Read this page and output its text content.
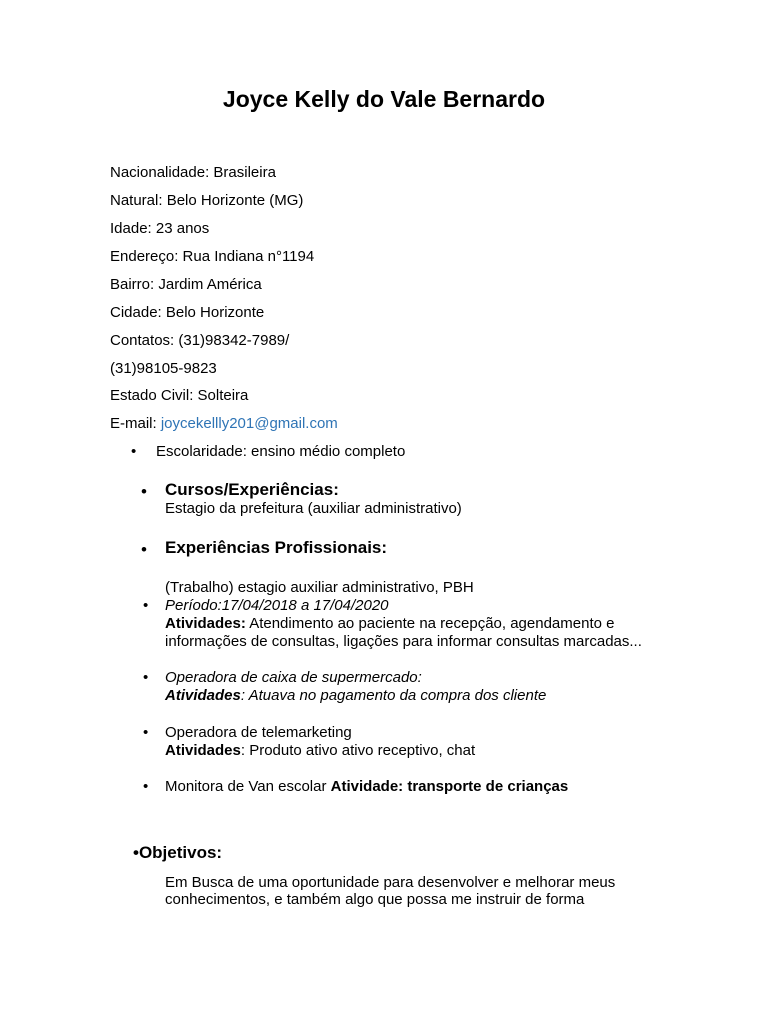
Joyce Kelly do Vale Bernardo
Nacionalidade: Brasileira
Natural: Belo Horizonte (MG)
Idade: 23 anos
Endereço: Rua Indiana n°1194
Bairro: Jardim América
Cidade: Belo Horizonte
Contatos: (31)98342-7989/
(31)98105-9823
Estado Civil: Solteira
E-mail: joycekellly201@gmail.com
• Escolaridade: ensino médio completo
• Cursos/Experiências:
Estagio da prefeitura (auxiliar administrativo)
• Experiências Profissionais:
(Trabalho) estagio auxiliar administrativo, PBH
• Período:17/04/2018 a 17/04/2020
Atividades: Atendimento ao paciente na recepção, agendamento e
informações de consultas, ligações para informar consultas marcadas...
• Operadora de caixa de supermercado:
Atividades: Atuava no pagamento da compra dos cliente
• Operadora de telemarketing
Atividades: Produto ativo ativo receptivo, chat
• Monitora de Van escolar Atividade: transporte de crianças
•Objetivos:
Em Busca de uma oportunidade para desenvolver e melhorar meus
conhecimentos, e também algo que possa me instruir de forma
